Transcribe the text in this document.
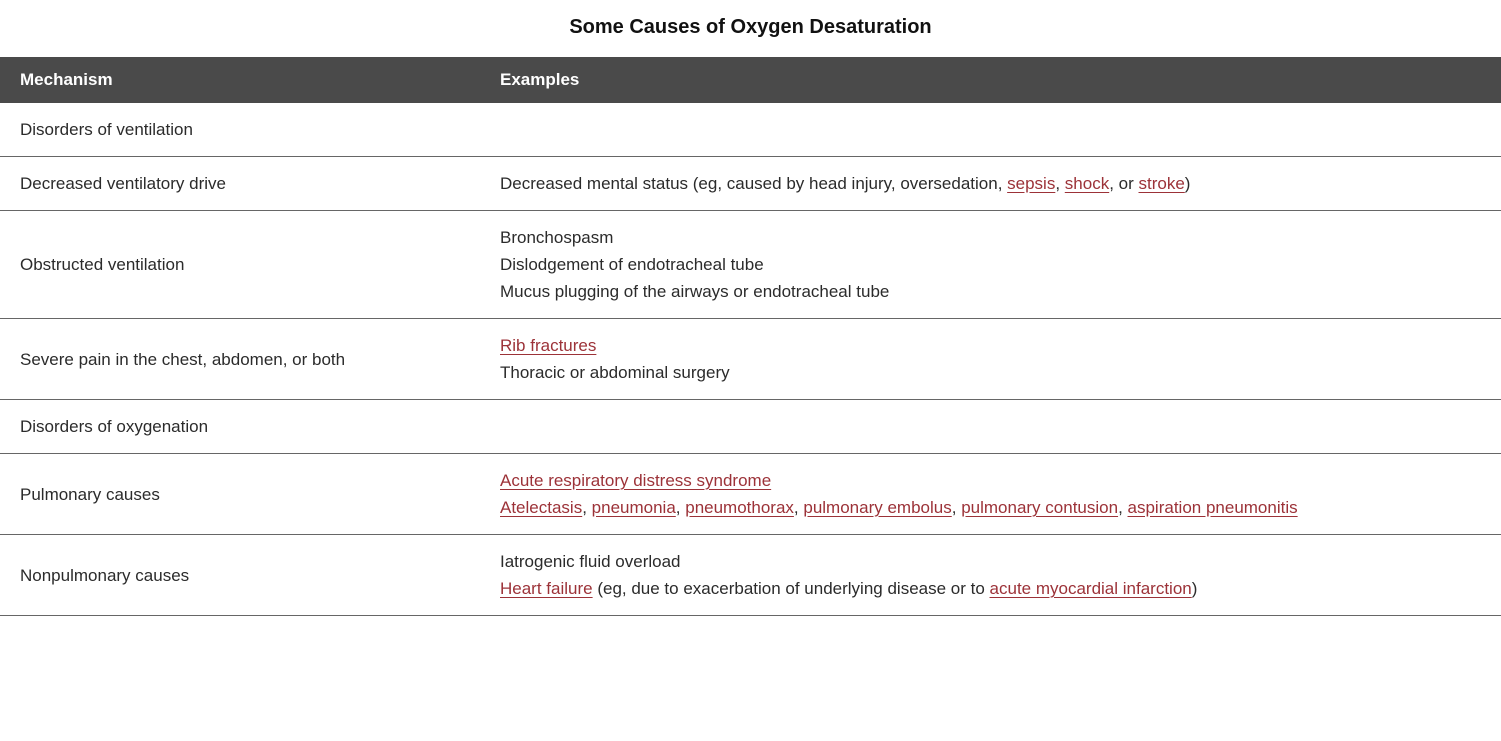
Some Causes of Oxygen Desaturation
Mechanism	Examples
Disorders of ventilation	
Decreased ventilatory drive	Decreased mental status (eg, caused by head injury, oversedation, sepsis, shock, or stroke)

Obstructed ventilation	Bronchospasm
Dislodgement of endotracheal tube
Mucus plugging of the airways or endotracheal tube

Severe pain in the chest, abdomen, or both	Rib fractures
Thoracic or abdominal surgery

Disorders of oxygenation	
Pulmonary causes	Acute respiratory distress syndrome
Atelectasis, pneumonia, pneumothorax, pulmonary embolus, pulmonary contusion, aspiration pneumonitis

Nonpulmonary causes	Iatrogenic fluid overload
Heart failure (eg, due to exacerbation of underlying disease or to acute myocardial infarction)
